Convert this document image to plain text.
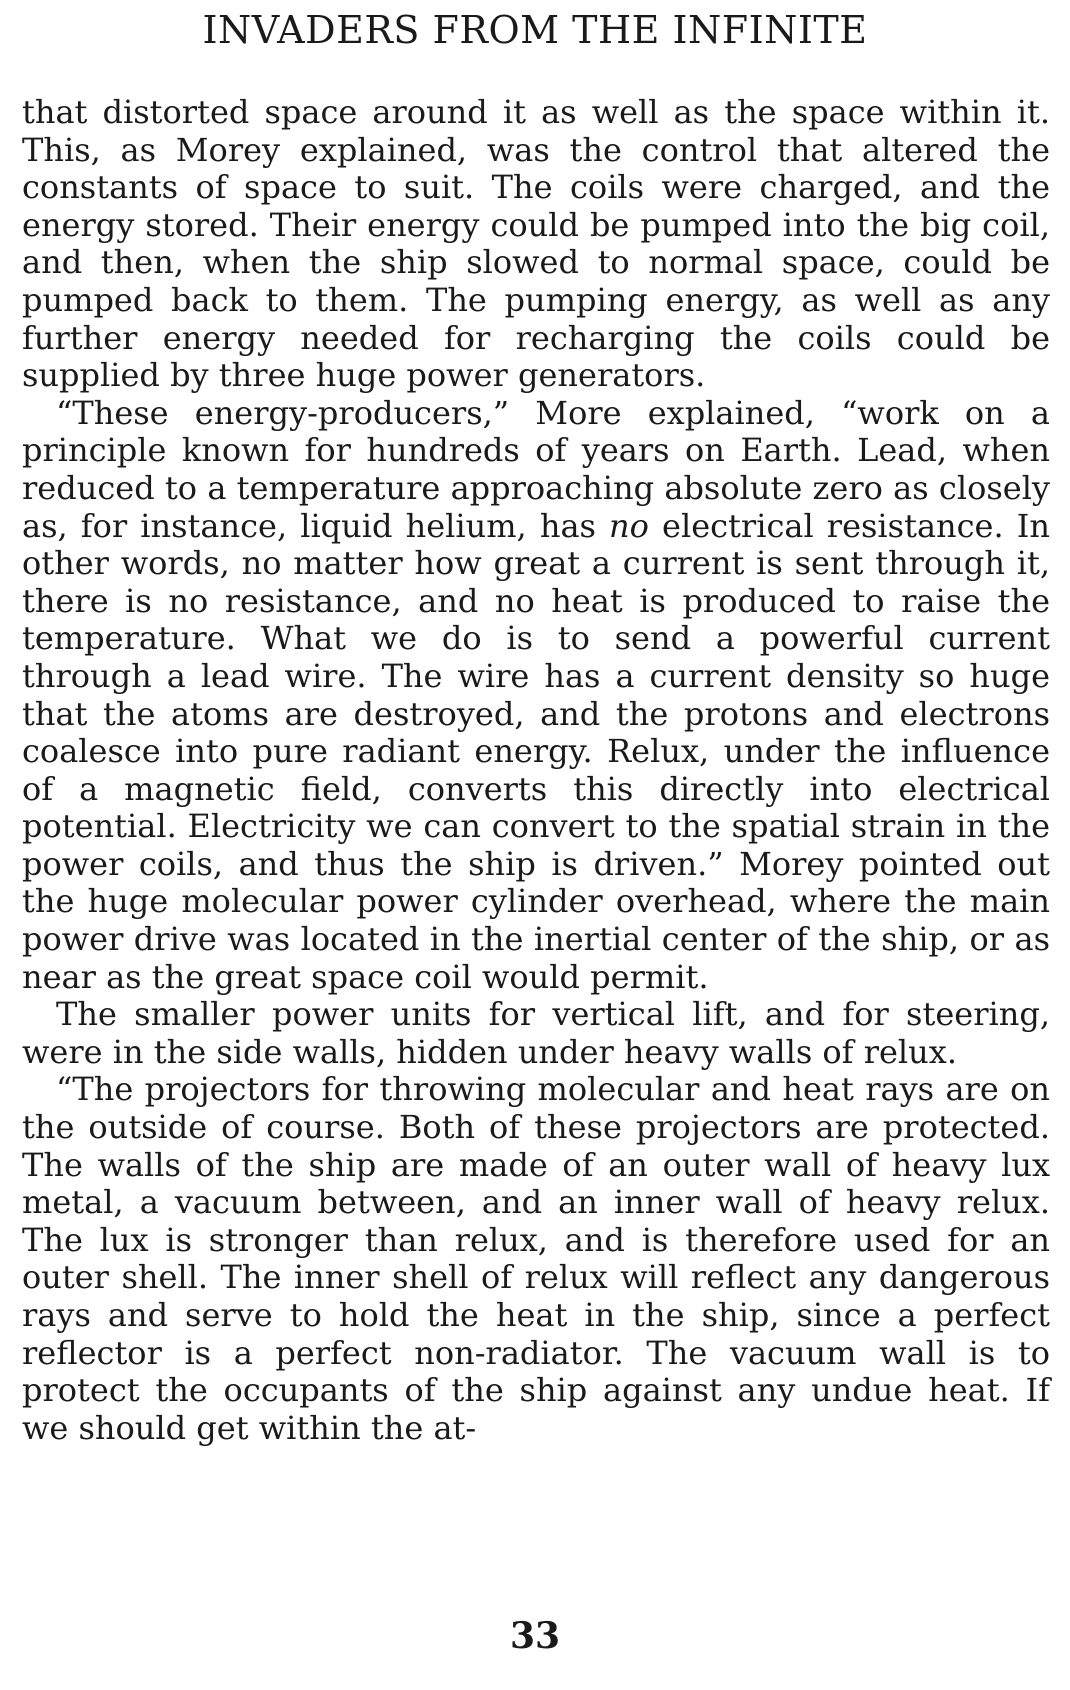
INVADERS FROM THE INFINITE

that distorted space around it as well as the space within it. This, as Morey explained, was the control that altered the constants of space to suit. The coils were charged, and the energy stored. Their energy could be pumped into the big coil, and then, when the ship slowed to normal space, could be pumped back to them. The pumping energy, as well as any further energy needed for recharging the coils could be supplied by three huge power generators.

“These energy-producers,” More explained, “work on a principle known for hundreds of years on Earth. Lead, when reduced to a temperature approaching absolute zero as closely as, for instance, liquid helium, has no electrical resistance. In other words, no matter how great a current is sent through it, there is no resistance, and no heat is produced to raise the temperature. What we do is to send a powerful current through a lead wire. The wire has a current density so huge that the atoms are destroyed, and the protons and electrons coalesce into pure radiant energy. Relux, under the influence of a magnetic field, converts this directly into electrical potential. Electricity we can convert to the spatial strain in the power coils, and thus the ship is driven.” Morey pointed out the huge molecular power cylinder overhead, where the main power drive was located in the inertial center of the ship, or as near as the great space coil would permit.

The smaller power units for vertical lift, and for steering, were in the side walls, hidden under heavy walls of relux.

“The projectors for throwing molecular and heat rays are on the outside of course. Both of these projectors are protected. The walls of the ship are made of an outer wall of heavy lux metal, a vacuum between, and an inner wall of heavy relux. The lux is stronger than relux, and is therefore used for an outer shell. The inner shell of relux will reflect any dangerous rays and serve to hold the heat in the ship, since a perfect reflector is a perfect non-radiator. The vacuum wall is to protect the occupants of the ship against any undue heat. If we should get within the at-

33
